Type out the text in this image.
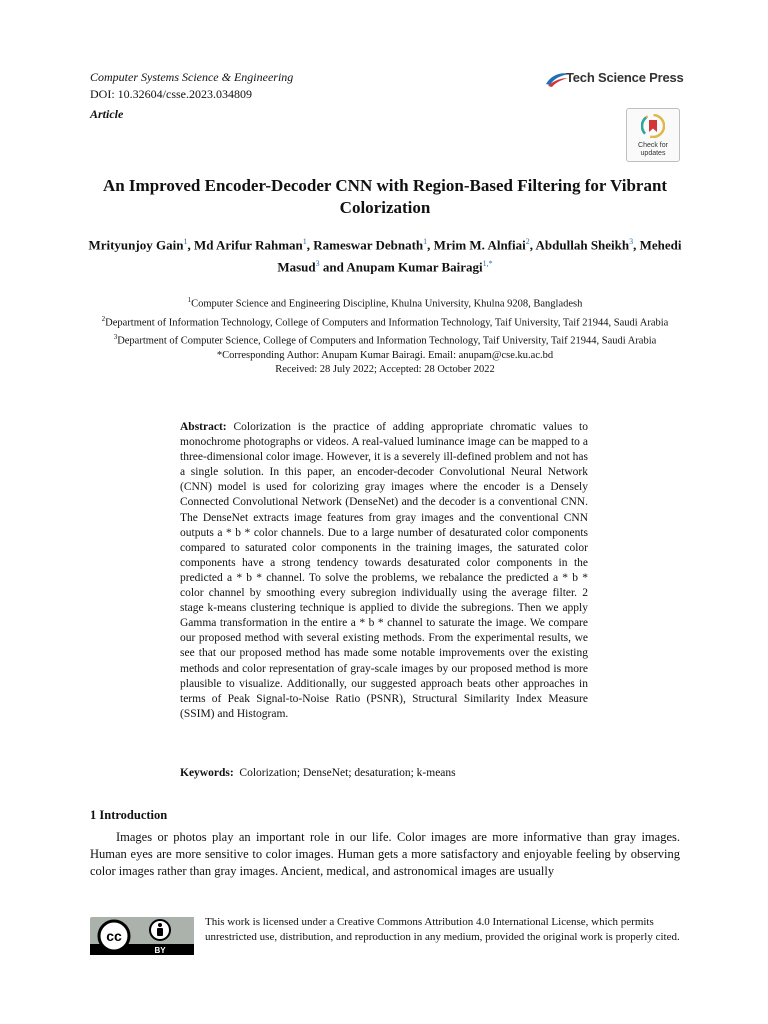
Computer Systems Science & Engineering
DOI: 10.32604/csse.2023.034809
Article
Tech Science Press
Check for
updates
An Improved Encoder-Decoder CNN with Region-Based Filtering for Vibrant Colorization
Mrityunjoy Gain$^1$, Md Arifur Rahman$^1$, Rameswar Debnath$^1$, Mrim M. Alnfiai$^2$, Abdullah Sheikh$^3$, Mehedi Masud$^3$ and Anupam Kumar Bairagi$^{1,*}$
$^1$Computer Science and Engineering Discipline, Khulna University, Khulna 9208, Bangladesh
$^2$Department of Information Technology, College of Computers and Information Technology, Taif University, Taif 21944, Saudi Arabia
$^3$Department of Computer Science, College of Computers and Information Technology, Taif University, Taif 21944, Saudi Arabia
*Corresponding Author: Anupam Kumar Bairagi. Email: anupam@cse.ku.ac.bd
Received: 28 July 2022; Accepted: 28 October 2022
Abstract: Colorization is the practice of adding appropriate chromatic values to monochrome photographs or videos. A real-valued luminance image can be mapped to a three-dimensional color image. However, it is a severely ill-defined problem and not has a single solution. In this paper, an encoder-decoder Convolutional Neural Network (CNN) model is used for colorizing gray images where the encoder is a Densely Connected Convolutional Network (DenseNet) and the decoder is a conventional CNN. The DenseNet extracts image features from gray images and the conventional CNN outputs a * b * color channels. Due to a large number of desaturated color components compared to saturated color components in the training images, the saturated color components have a strong tendency towards desaturated color components in the predicted a * b * channel. To solve the problems, we rebalance the predicted a * b * color channel by smoothing every subregion individually using the average filter. 2 stage k-means clustering technique is applied to divide the subregions. Then we apply Gamma transformation in the entire a * b * channel to saturate the image. We compare our proposed method with several existing methods. From the experimental results, we see that our proposed method has made some notable improvements over the existing methods and color representation of gray-scale images by our proposed method is more plausible to visualize. Additionally, our suggested approach beats other approaches in terms of Peak Signal-to-Noise Ratio (PSNR), Structural Similarity Index Measure (SSIM) and Histogram.
Keywords: Colorization; DenseNet; desaturation; k-means
1 Introduction
Images or photos play an important role in our life. Color images are more informative than gray images. Human eyes are more sensitive to color images. Human gets a more satisfactory and enjoyable feeling by observing color images rather than gray images. Ancient, medical, and astronomical images are usually
cc
BY
This work is licensed under a Creative Commons Attribution 4.0 International License, which permits unrestricted use, distribution, and reproduction in any medium, provided the original work is properly cited.
